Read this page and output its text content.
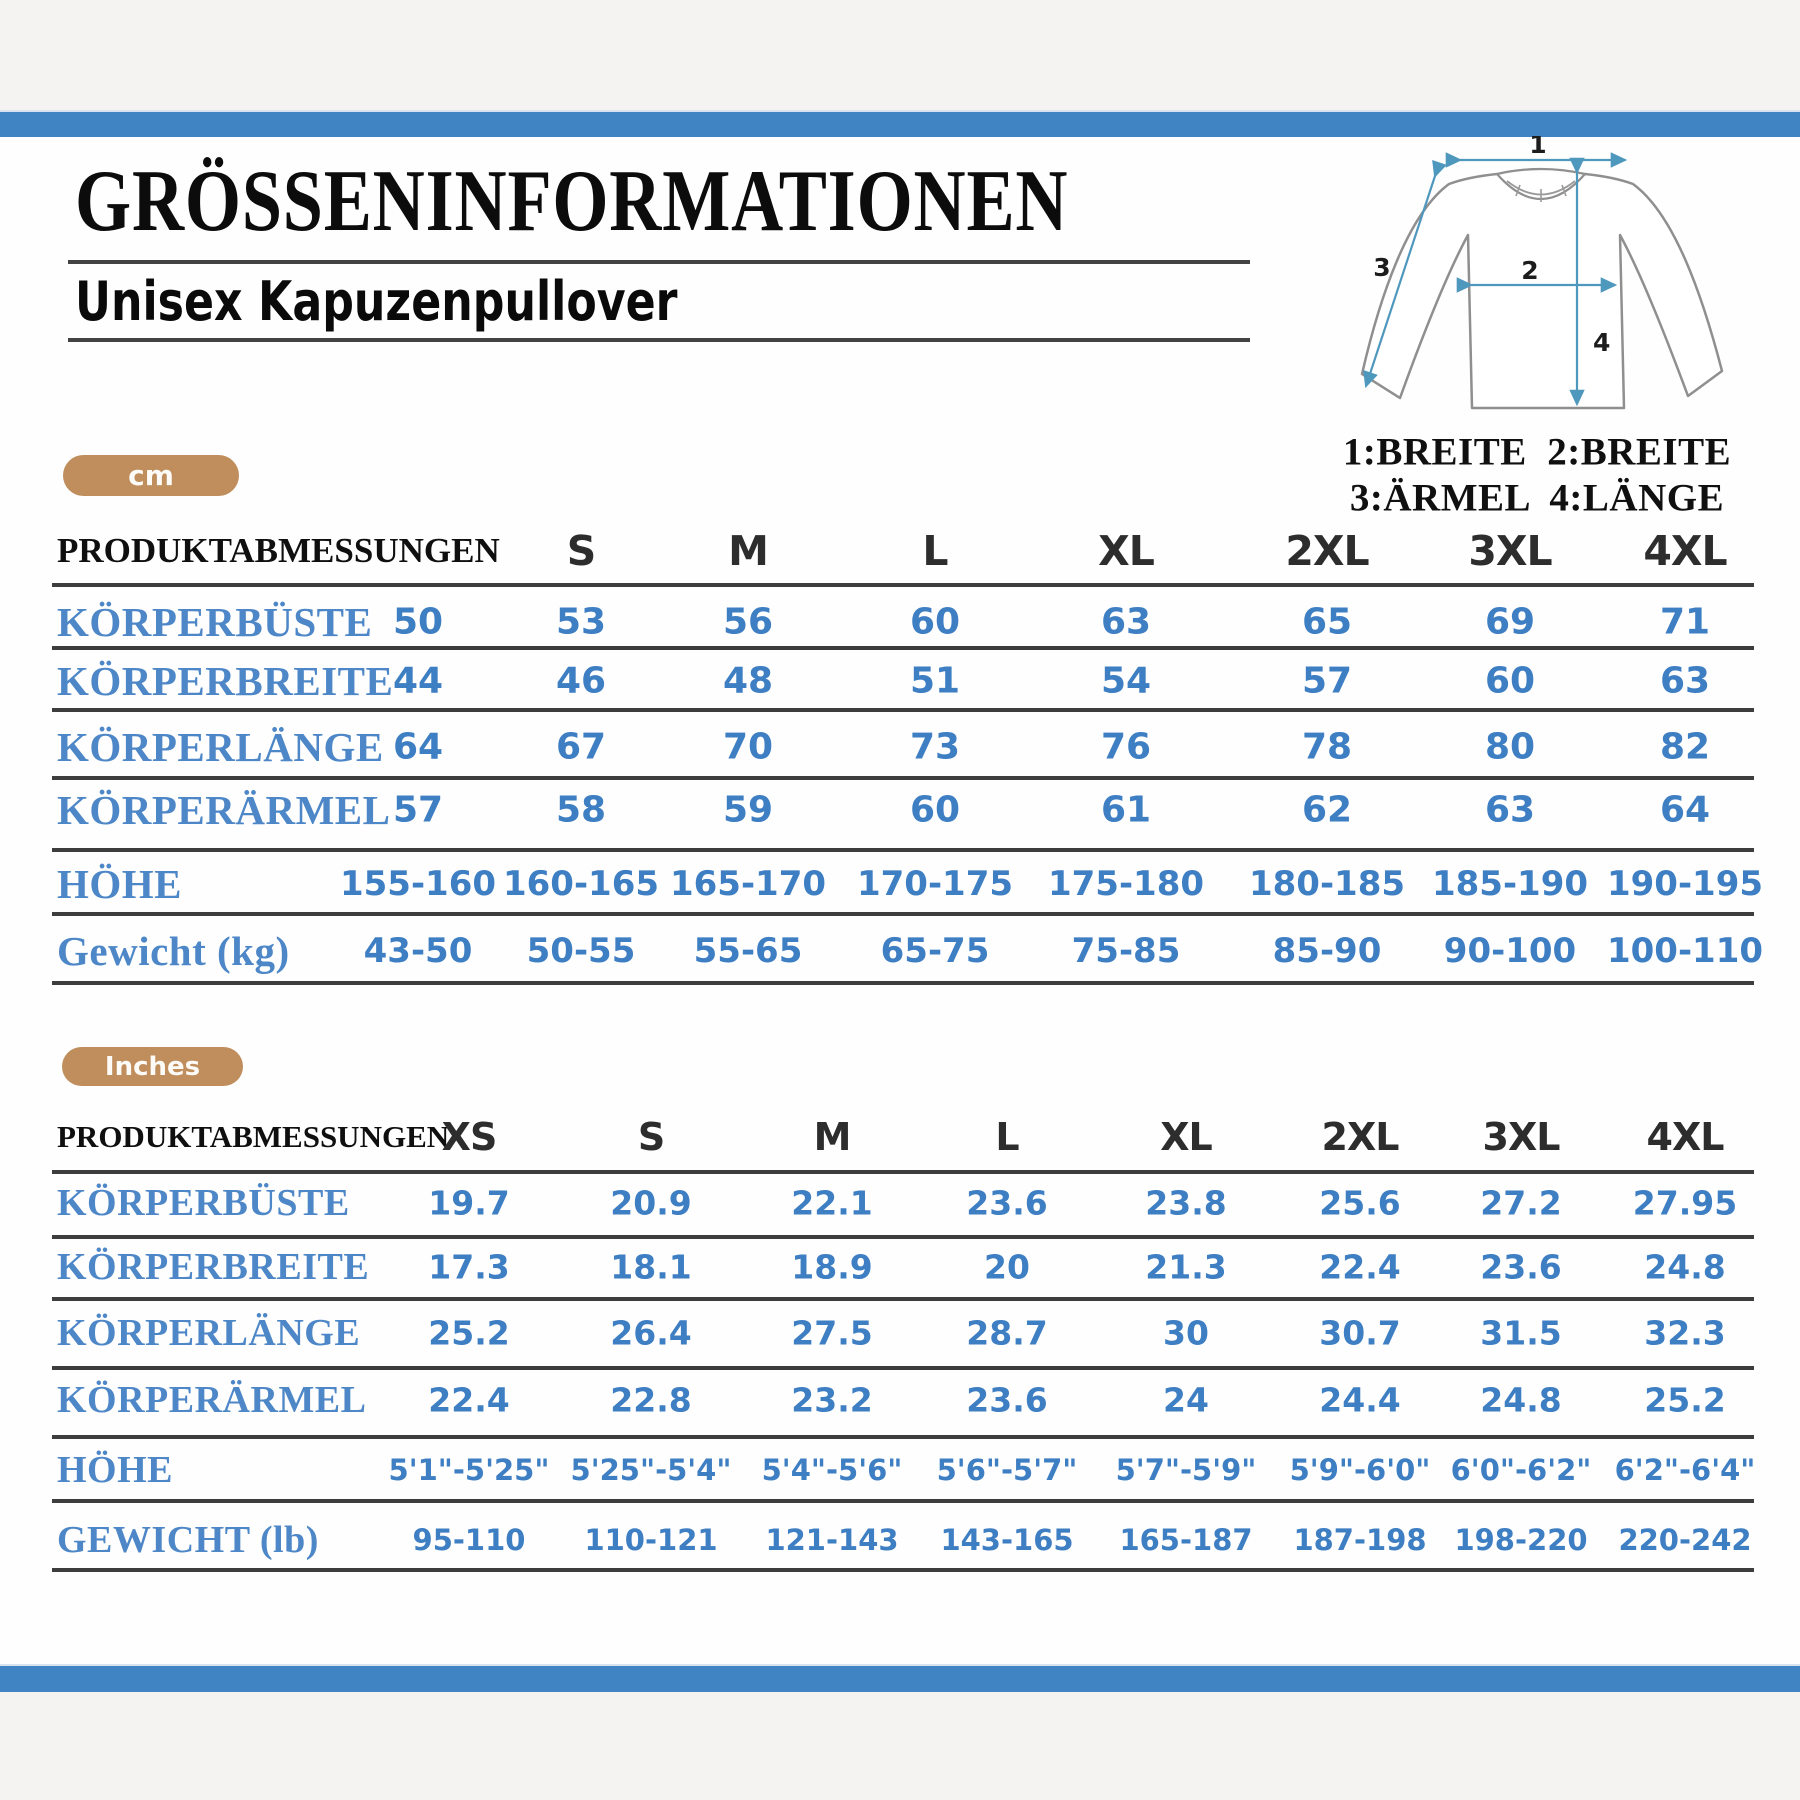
GRÖSSENINFORMATIONEN
Unisex Kapuzenpullover
1
2
3
4
1:BREITE  2:BREITE
3:ÄRMEL  4:LÄNGE
cm
PRODUKTABMESSUNGEN S	M	L	XL	2XL 3XL 4XL
KÖRPERBÜSTE 50	53	56	60	63	65	69	71
KÖRPERBREITE 44	46	48	51	54	57	60	63
KÖRPERLÄNGE 64	67	70	73	76	78	80	82
KÖRPERÄRMEL 57	58	59	60	61	62	63	64
HÖHE	155-160 160-165 165-170 170-175 175-180 180-185 185-190 190-195
Gewicht (kg) 43-50 50-55 55-65 65-75 75-85	85-90 90-100 100-110
Inches
PRODUKTABMESSUNGEN
XS	S	M	L	XL	2XL 3XL 4XL
KÖRPERBÜSTE 19.7	20.9	22.1	23.6	23.8	25.6 27.2 27.95
KÖRPERBREITE 17.3	18.1	18.9	20	21.3	22.4 23.6	24.8
KÖRPERLÄNGE 25.2	26.4	27.5	28.7	30	30.7 31.5	32.3
KÖRPERÄRMEL 22.4	22.8	23.2	23.6	24	24.4 24.8	25.2
HÖHE	5'1"-5'25" 5'25"-5'4" 5'4"-5'6" 5'6"-5'7" 5'7"-5'9" 5'9"-6'0" 6'0"-6'2" 6'2"-6'4"
GEWICHT (lb)	95-110 110-121 121-143 143-165 165-187 187-198 198-220 220-242
